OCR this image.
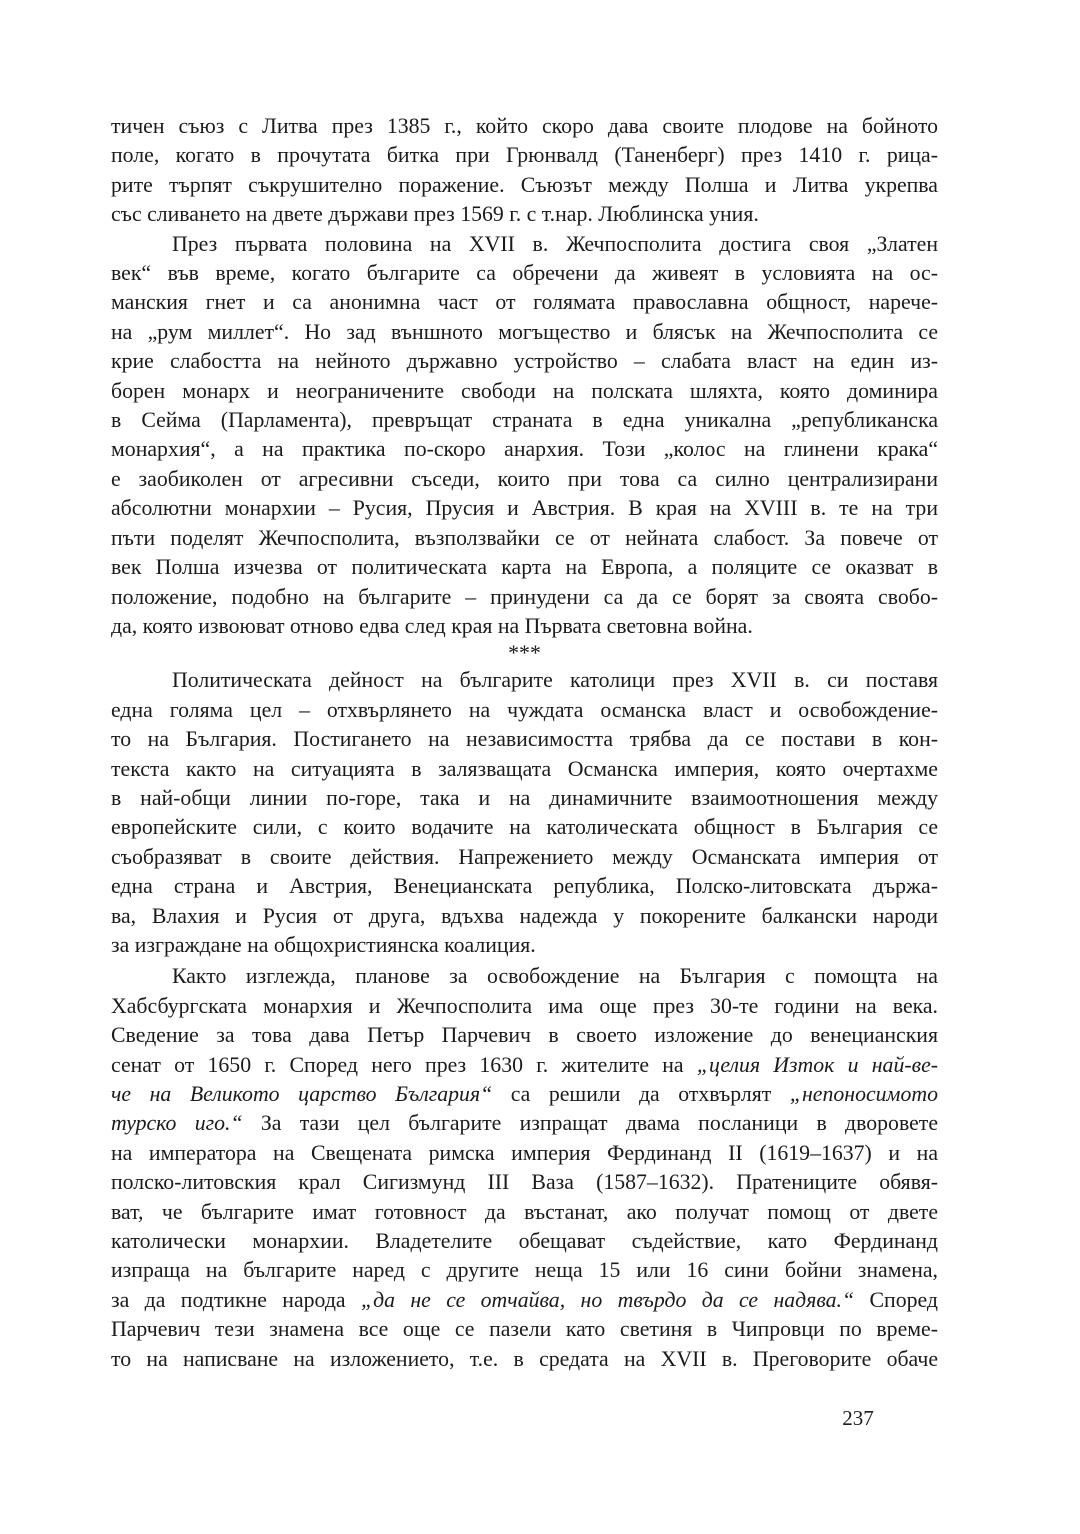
тичен съюз с Литва през 1385 г., който скоро дава своите плодове на бойното

поле, когато в прочутата битка при Грюнвалд (Таненберг) през 1410 г. рица-

рите търпят съкрушително поражение. Съюзът между Полша и Литва укрепва

със сливането на двете държави през 1569 г. с т.нар. Люблинска уния.

През първата половина на XVII в. Жечпосполита достига своя „Златен

век“ във време, когато българите са обречени да живеят в условията на ос-

манския гнет и са анонимна част от голямата православна общност, нарече-

на „рум миллет“. Но зад външното могъщество и блясък на Жечпосполита се

крие слабостта на нейното държавно устройство – слабата власт на един из-

борен монарх и неограничените свободи на полската шляхта, която доминира

в Сейма (Парламента), превръщат страната в една уникална „републиканска

монархия“, а на практика по-скоро анархия. Този „колос на глинени крака“

е заобиколен от агресивни съседи, които при това са силно централизирани

абсолютни монархии – Русия, Прусия и Австрия. В края на XVIII в. те на три

пъти поделят Жечпосполита, възползвайки се от нейната слабост. За повече от

век Полша изчезва от политическата карта на Европа, а поляците се оказват в

положение, подобно на българите – принудени са да се борят за своята свобо-

да, която извоюват отново едва след края на Първата световна война.

***

Политическата дейност на българите католици през XVII в. си поставя

една голяма цел – отхвърлянето на чуждата османска власт и освобождение-

то на България. Постигането на независимостта трябва да се постави в кон-

текста както на ситуацията в залязващата Османска империя, която очертахме

в най-общи линии по-горе, така и на динамичните взаимоотношения между

европейските сили, с които водачите на католическата общност в България се

съобразяват в своите действия. Напрежението между Османската империя от

една страна и Австрия, Венецианската република, Полско-литовската държа-

ва, Влахия и Русия от друга, вдъхва надежда у покорените балкански народи

за изграждане на общохристиянска коалиция.

Както изглежда, планове за освобождение на България с помощта на

Хабсбургската монархия и Жечпосполита има още през 30-те години на века.

Сведение за това дава Петър Парчевич в своето изложение до венецианския

сенат от 1650 г. Според него през 1630 г. жителите на „целия Изток и най-ве-

че на Великото царство България“ са решили да отхвърлят „непоносимото

турско иго.“ За тази цел българите изпращат двама посланици в дворовете

на императора на Свещената римска империя Фердинанд II (1619–1637) и на

полско-литовския крал Сигизмунд III Ваза (1587–1632). Пратениците обявя-

ват, че българите имат готовност да въстанат, ако получат помощ от двете

католически монархии. Владетелите обещават съдействие, като Фердинанд

изпраща на българите наред с другите неща 15 или 16 сини бойни знамена,

за да подтикне народа „да не се отчайва, но твърдо да се надява.“ Според

Парчевич тези знамена все още се пазели като светиня в Чипровци по време-

то на написване на изложението, т.е. в средата на XVII в. Преговорите обаче

237
